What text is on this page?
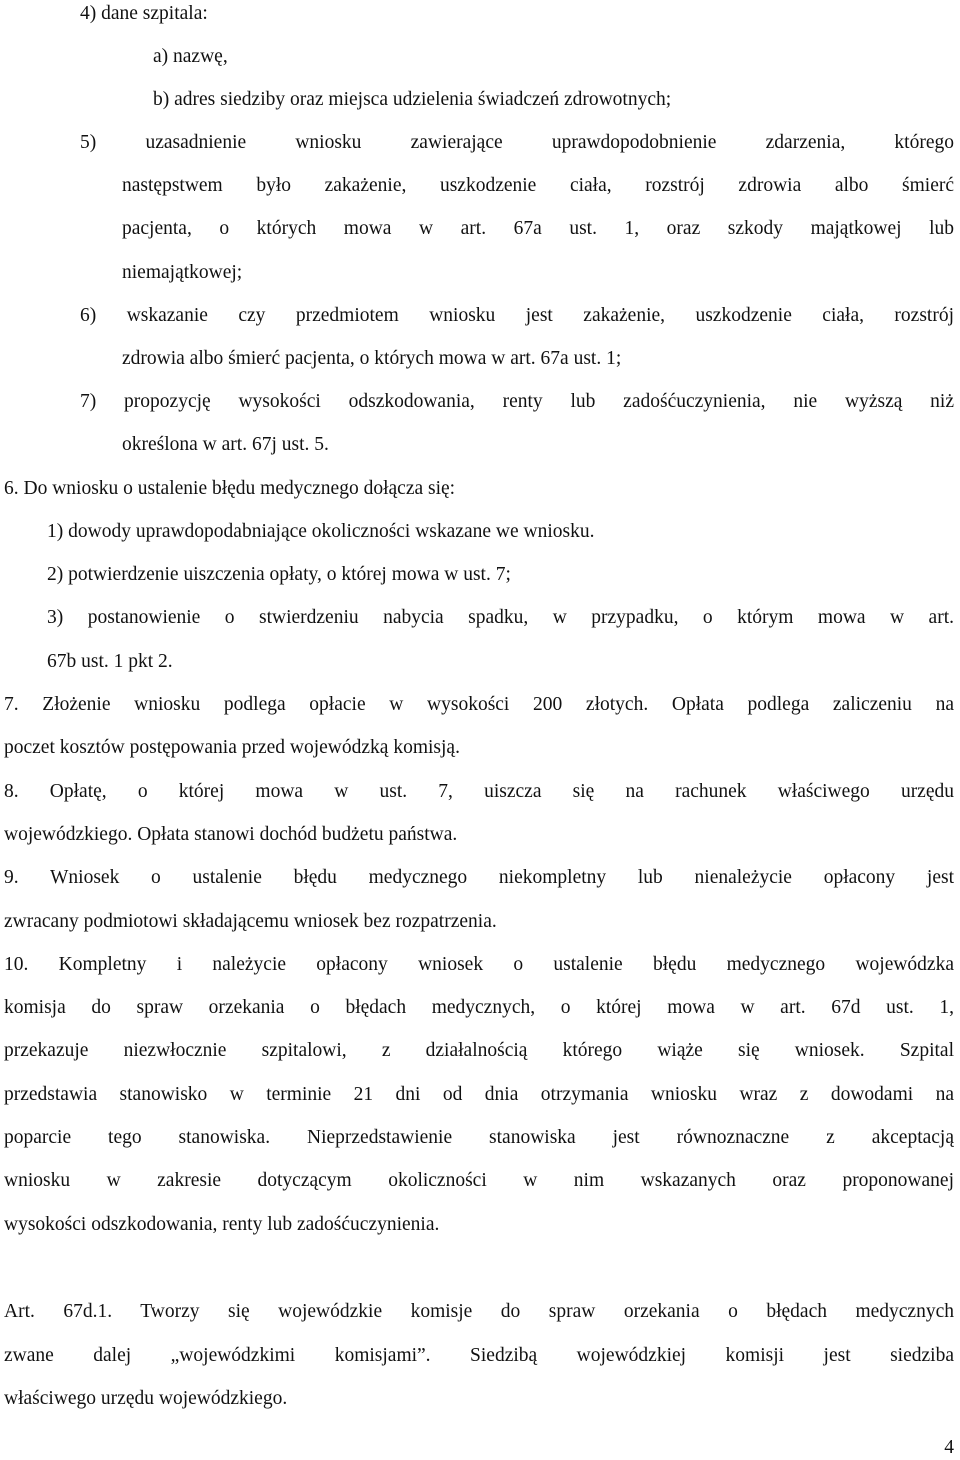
4) dane szpitala:
a) nazwę,
b) adres siedziby oraz miejsca udzielenia świadczeń zdrowotnych;
5) uzasadnienie wniosku zawierające uprawdopodobnienie zdarzenia, którego
następstwem było zakażenie, uszkodzenie ciała, rozstrój zdrowia albo śmierć
pacjenta, o których mowa w art. 67a ust. 1, oraz szkody majątkowej lub
niemajątkowej;
6) wskazanie czy przedmiotem wniosku jest zakażenie, uszkodzenie ciała, rozstrój
zdrowia albo śmierć pacjenta, o których mowa w art. 67a ust. 1;
7) propozycję wysokości odszkodowania, renty lub zadośćuczynienia, nie wyższą niż
określona w art. 67j ust. 5.
6. Do wniosku o ustalenie błędu medycznego dołącza się:
1) dowody uprawdopodabniające okoliczności wskazane we wniosku.
2) potwierdzenie uiszczenia opłaty, o której mowa w ust. 7;
3) postanowienie o stwierdzeniu nabycia spadku, w przypadku, o którym mowa w art.
67b ust. 1 pkt 2.
7. Złożenie wniosku podlega opłacie w wysokości 200 złotych. Opłata podlega zaliczeniu na
poczet kosztów postępowania przed wojewódzką komisją.
8. Opłatę, o której mowa w ust. 7, uiszcza się na rachunek właściwego urzędu
wojewódzkiego. Opłata stanowi dochód budżetu państwa.
9. Wniosek o ustalenie błędu medycznego niekompletny lub nienależycie opłacony jest
zwracany podmiotowi składającemu wniosek bez rozpatrzenia.
10. Kompletny i należycie opłacony wniosek o ustalenie błędu medycznego wojewódzka
komisja do spraw orzekania o błędach medycznych, o której mowa w art. 67d ust. 1,
przekazuje niezwłocznie szpitalowi, z działalnością którego wiąże się wniosek. Szpital
przedstawia stanowisko w terminie 21 dni od dnia otrzymania wniosku wraz z dowodami na
poparcie tego stanowiska. Nieprzedstawienie stanowiska jest równoznaczne z akceptacją
wniosku w zakresie dotyczącym okoliczności w nim wskazanych oraz proponowanej
wysokości odszkodowania, renty lub zadośćuczynienia.
Art. 67d.1. Tworzy się wojewódzkie komisje do spraw orzekania o błędach medycznych
zwane dalej „wojewódzkimi komisjami”. Siedzibą wojewódzkiej komisji jest siedziba
właściwego urzędu wojewódzkiego.
4
